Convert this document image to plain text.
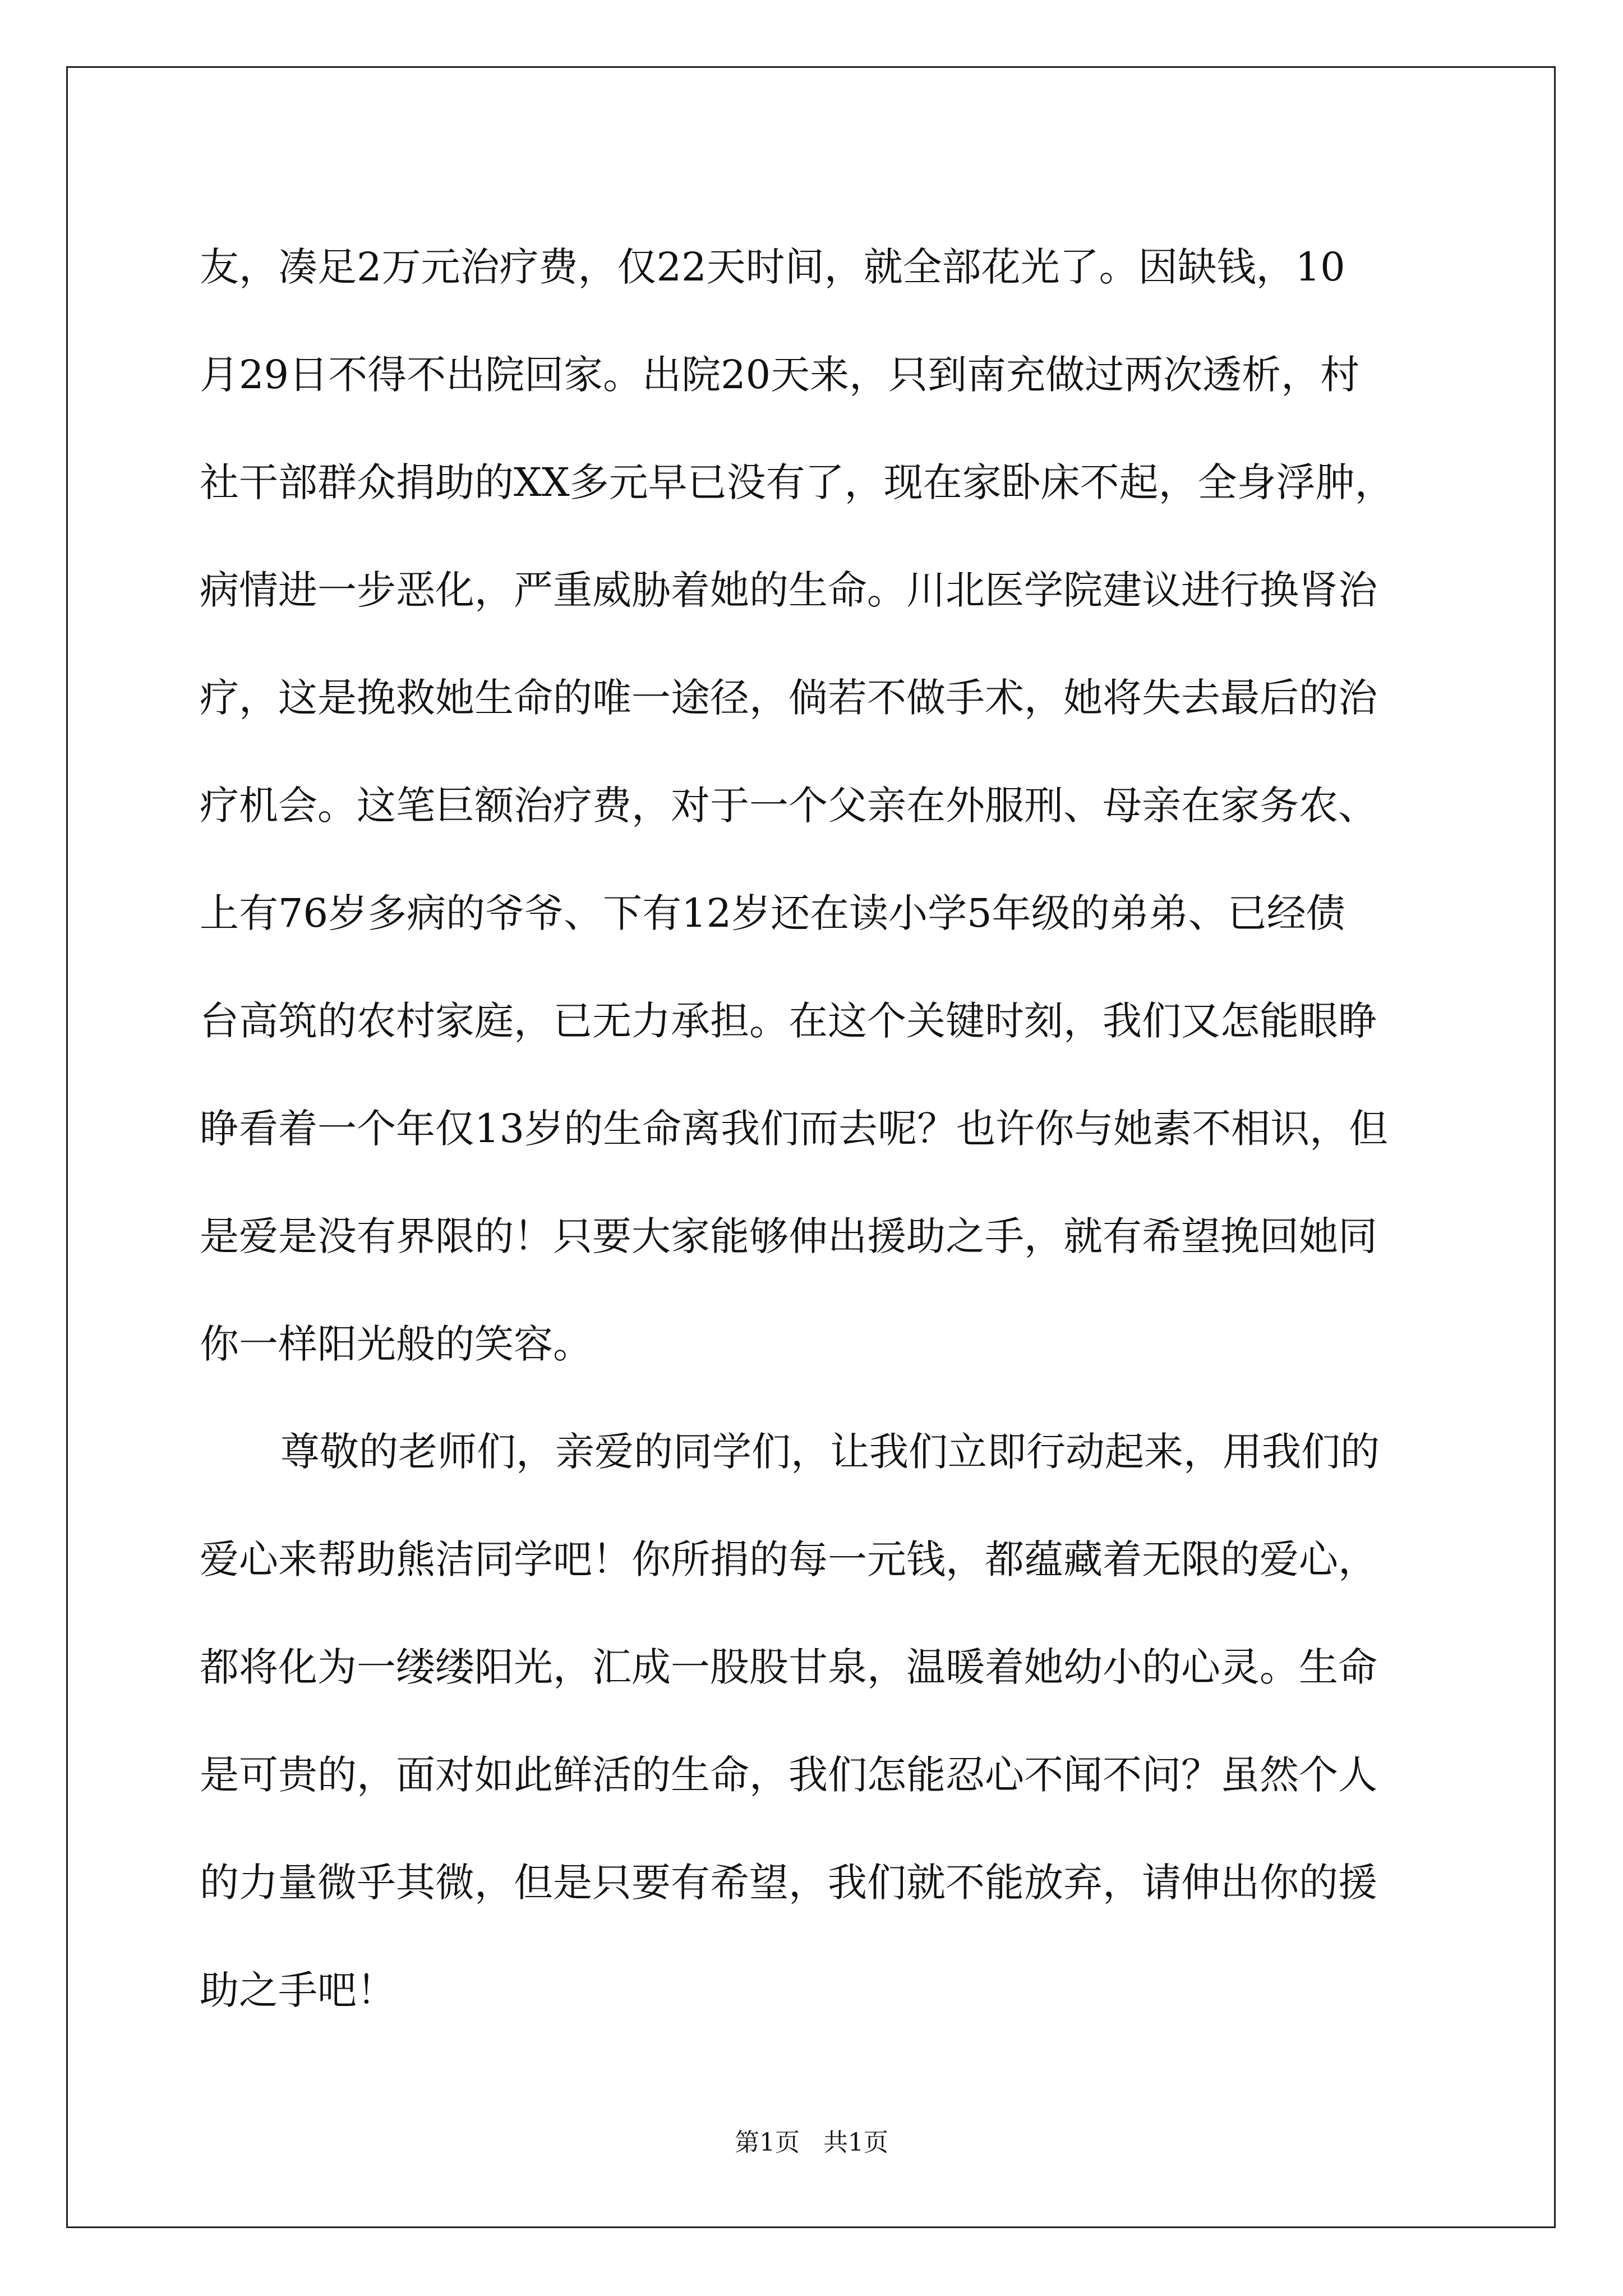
友，凑足2万元治疗费，仅22天时间，就全部花光了。因缺钱，10
月29日不得不出院回家。出院20天来，只到南充做过两次透析，村
社干部群众捐助的XX多元早已没有了，现在家卧床不起，全身浮肿，
病情进一步恶化，严重威胁着她的生命。川北医学院建议进行换肾治
疗，这是挽救她生命的唯一途径，倘若不做手术，她将失去最后的治
疗机会。这笔巨额治疗费，对于一个父亲在外服刑、母亲在家务农、
上有76岁多病的爷爷、下有12岁还在读小学5年级的弟弟、已经债
台高筑的农村家庭，已无力承担。在这个关键时刻，我们又怎能眼睁
睁看着一个年仅13岁的生命离我们而去呢？也许你与她素不相识，但
是爱是没有界限的！只要大家能够伸出援助之手，就有希望挽回她同
你一样阳光般的笑容。
尊敬的老师们，亲爱的同学们，让我们立即行动起来，用我们的
爱心来帮助熊洁同学吧！你所捐的每一元钱，都蕴藏着无限的爱心，
都将化为一缕缕阳光，汇成一股股甘泉，温暖着她幼小的心灵。生命
是可贵的，面对如此鲜活的生命，我们怎能忍心不闻不问？虽然个人
的力量微乎其微，但是只要有希望，我们就不能放弃，请伸出你的援
助之手吧！
第1页   共1页
